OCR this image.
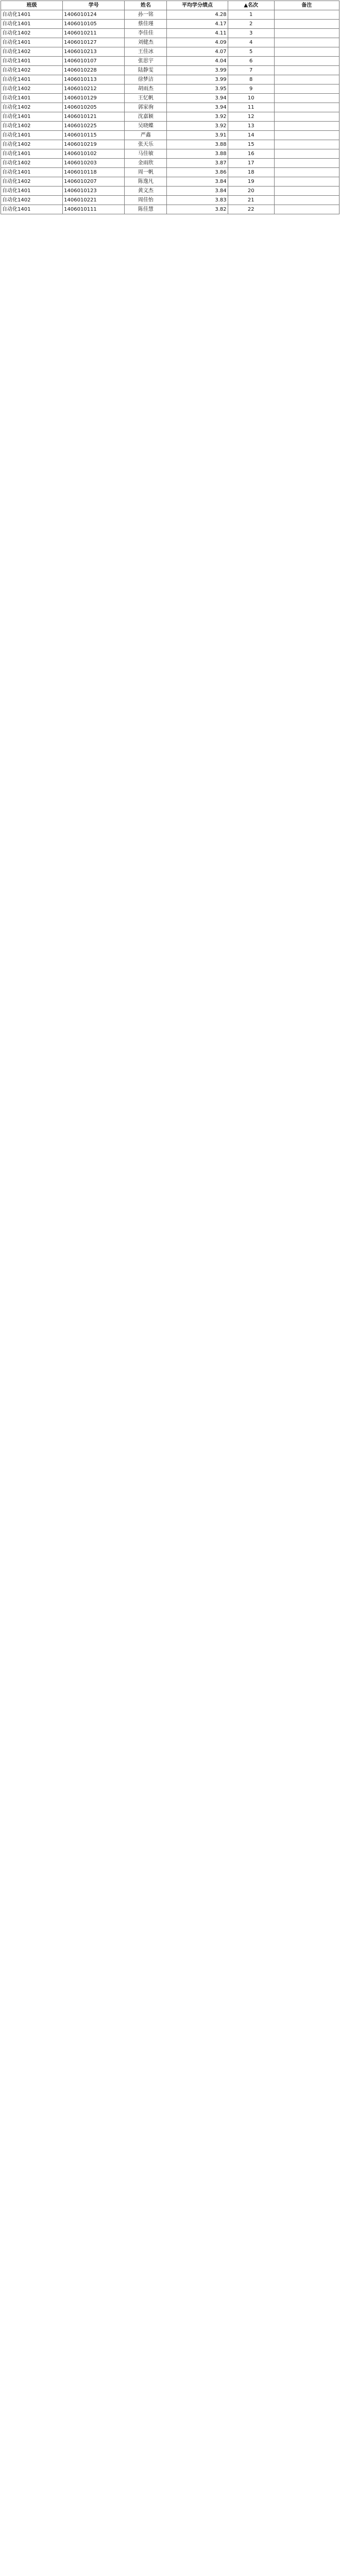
班级	学号	姓名	平均学分绩点	▲名次	备注
自动化1401	1406010124	孙一铭	4.28	1	
自动化1401	1406010105	蔡佳瑾	4.17	2	
自动化1402	1406010211	李佳佳	4.11	3	
自动化1401	1406010127	刘健杰	4.09	4	
自动化1402	1406010213	王佳冰	4.07	5	
自动化1401	1406010107	张思宇	4.04	6	
自动化1402	1406010228	陆静雯	3.99	7	
自动化1401	1406010113	徐梦洁	3.99	8	
自动化1402	1406010212	胡雨杰	3.95	9	
自动化1401	1406010129	王忆帆	3.94	10	
自动化1402	1406010205	郭家驹	3.94	11	
自动化1401	1406010121	沈嘉颖	3.92	12	
自动化1402	1406010225	吴晓蝶	3.92	13	
自动化1401	1406010115	严鑫	3.91	14	
自动化1402	1406010219	张天乐	3.88	15	
自动化1401	1406010102	马佳敏	3.88	16	
自动化1402	1406010203	金雨欣	3.87	17	
自动化1401	1406010118	周一帆	3.86	18	
自动化1402	1406010207	陈逸凡	3.84	19	
自动化1401	1406010123	黄文杰	3.84	20	
自动化1402	1406010221	周佳怡	3.83	21	
自动化1401	1406010111	陈佳慧	3.82	22	
